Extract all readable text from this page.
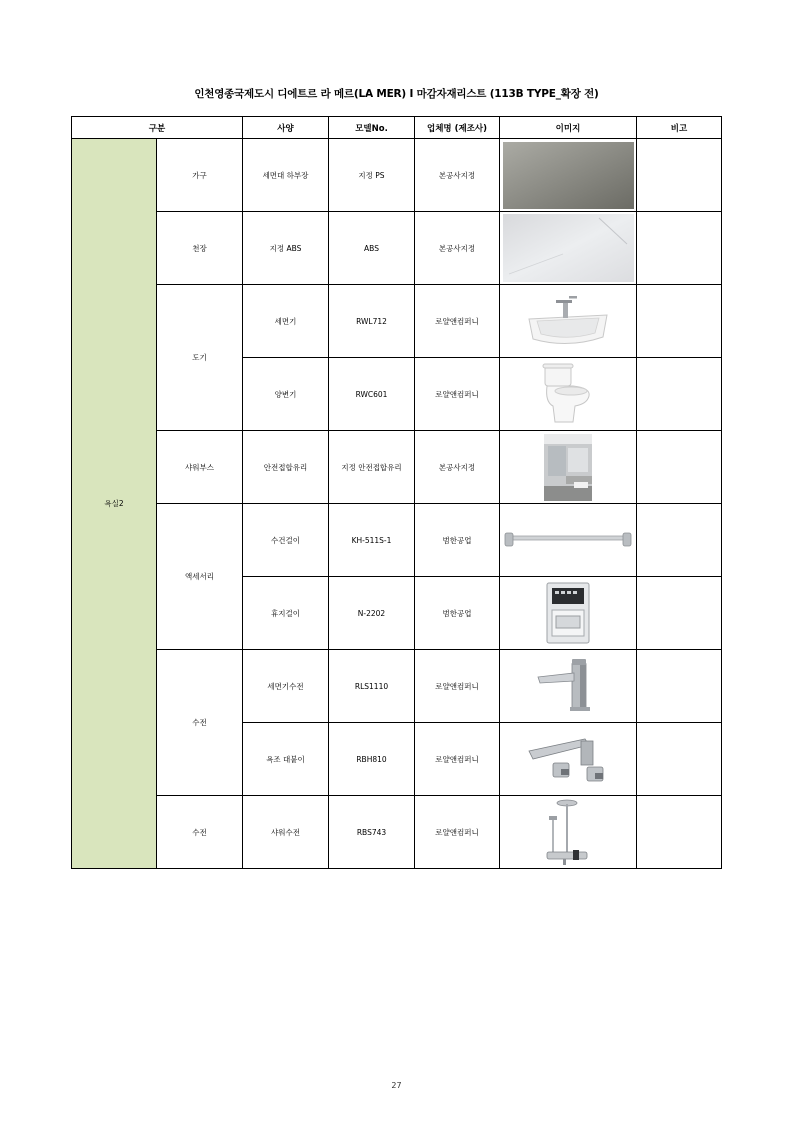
인천영종국제도시 디에트르 라 메르(LA MER) I 마감자재리스트 (113B TYPE_확장 전)
구분		사양	모델No.	업체명 (제조사)	이미지	비고
욕실2	가구	세면대 하부장	지정 PS	본공사지정	

	천장	지정 ABS	ABS	본공사지정	

	도기	세면기	RWL712	로얄앤컴퍼니	

		양변기	RWC601	로얄앤컴퍼니	

	샤워부스	안전접합유리	지정 안전접합유리	본공사지정	

	액세서리	수건걸이	KH-511S-1	범한공업	

		휴지걸이	N-2202	범한공업	

	수전	세면기수전	RLS1110	로얄앤컴퍼니	

		욕조 대붙이	RBH810	로얄앤컴퍼니	

	수전	샤워수전	RBS743	로얄앤컴퍼니	

27
